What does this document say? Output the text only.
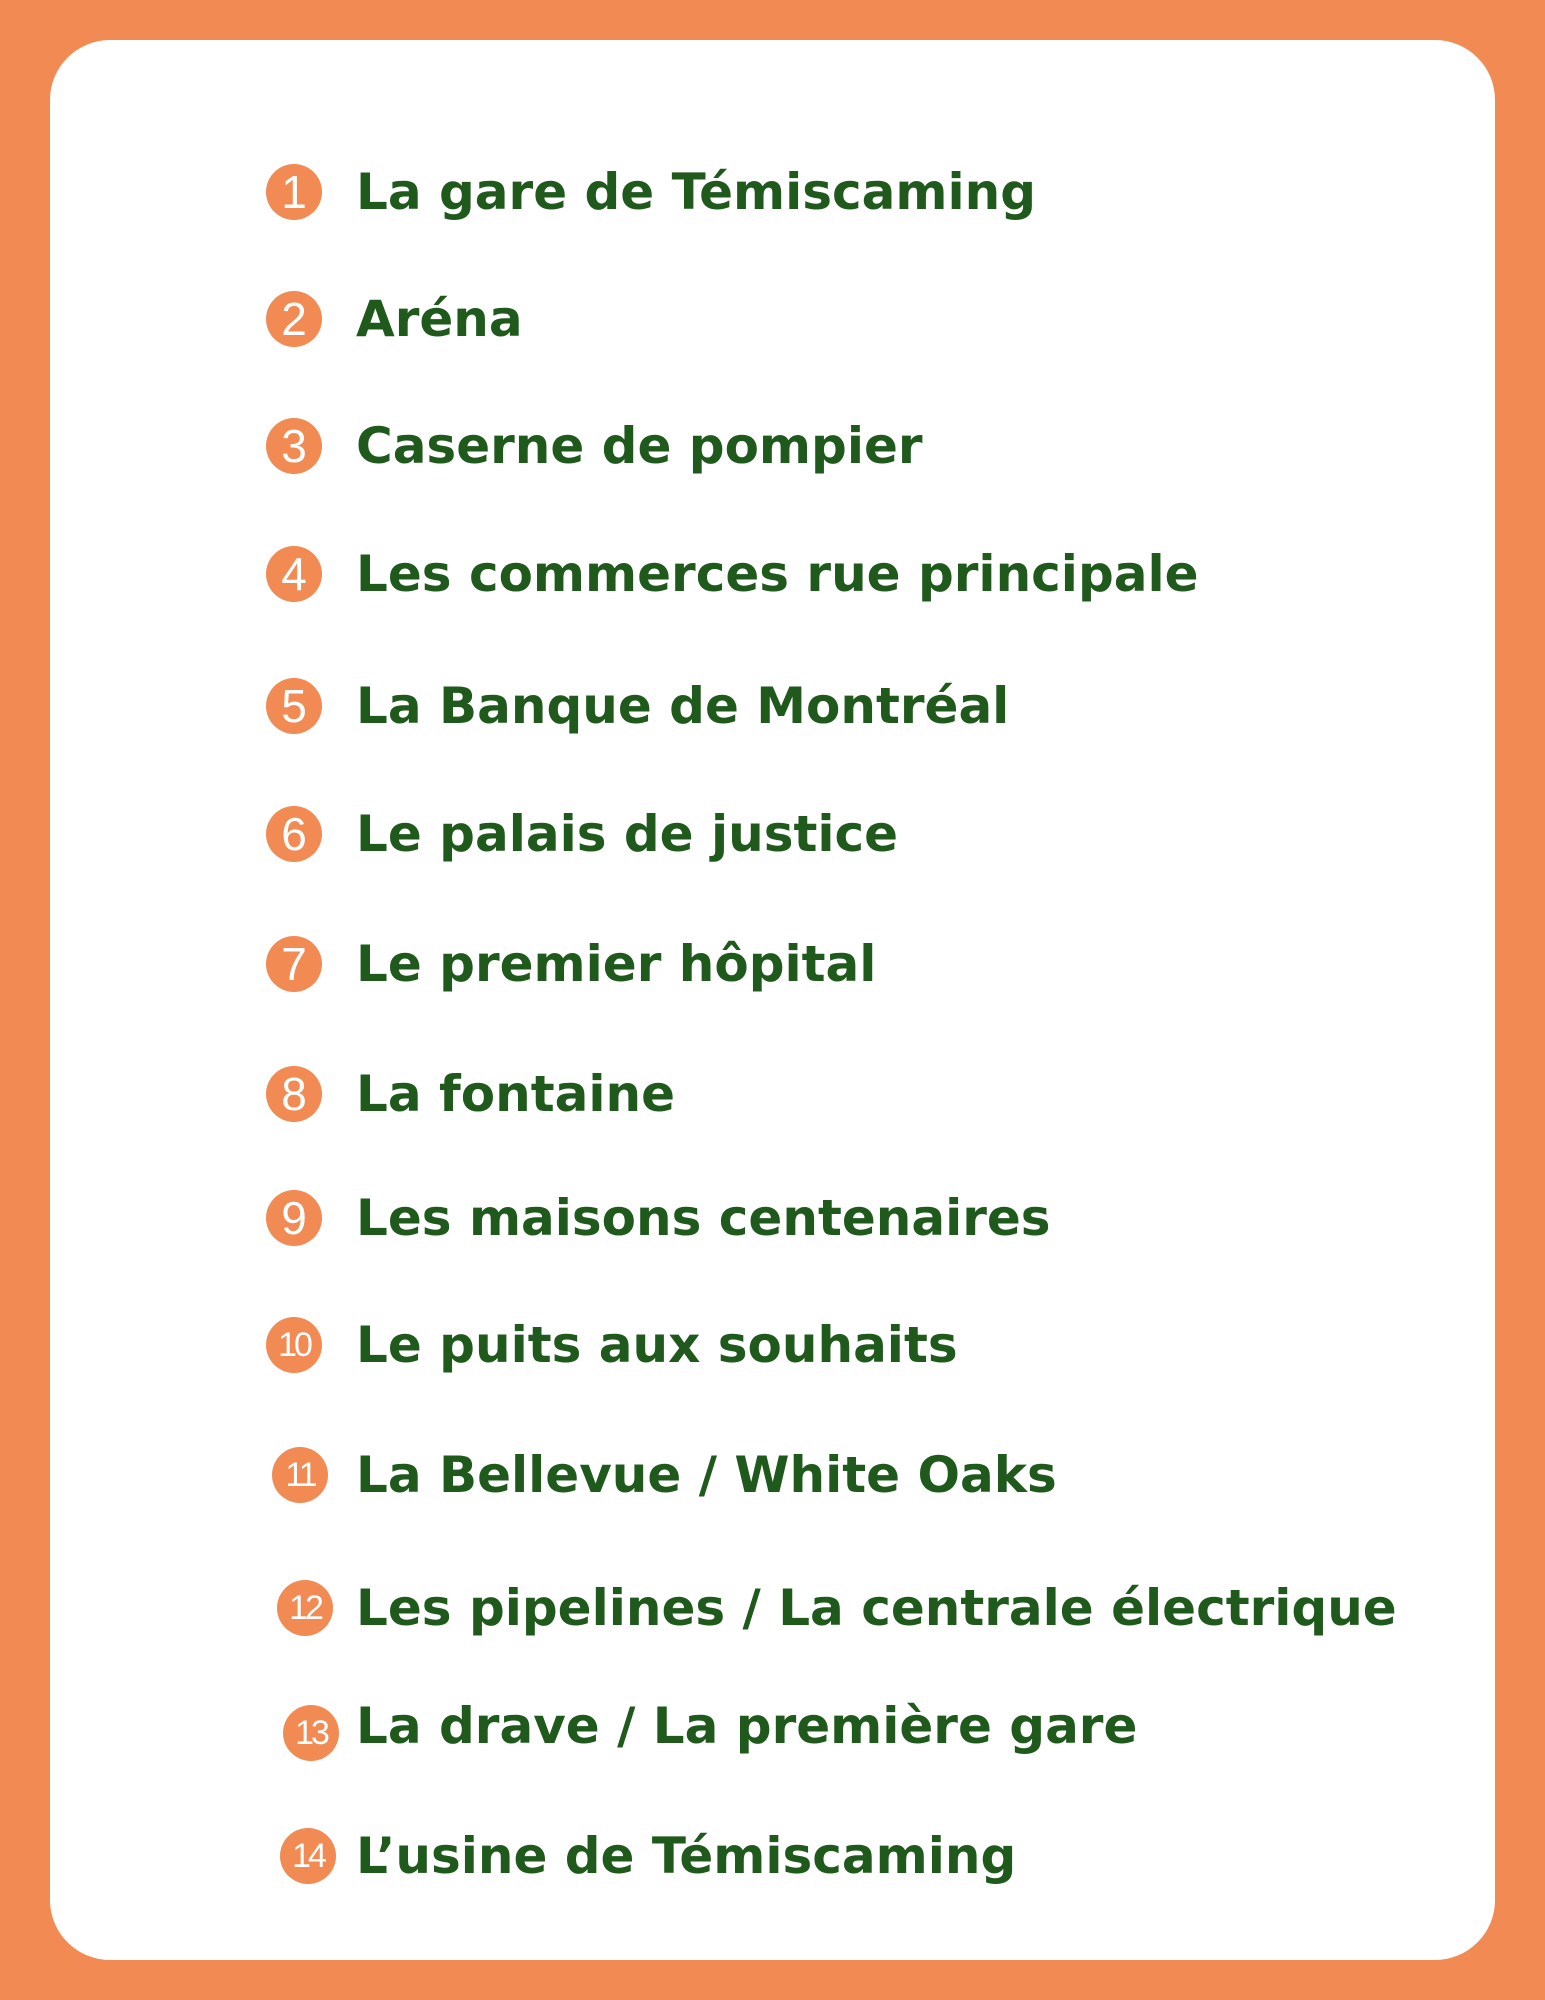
1 La gare de Témiscaming
2 Aréna
3 Caserne de pompier
4 Les commerces rue principale
5 La Banque de Montréal
6 Le palais de justice
7 Le premier hôpital
8 La fontaine
9 Les maisons centenaires
10 Le puits aux souhaits
11 La Bellevue / White Oaks
12 Les pipelines / La centrale électrique
13 La drave / La première gare
14 L’usine de Témiscaming
